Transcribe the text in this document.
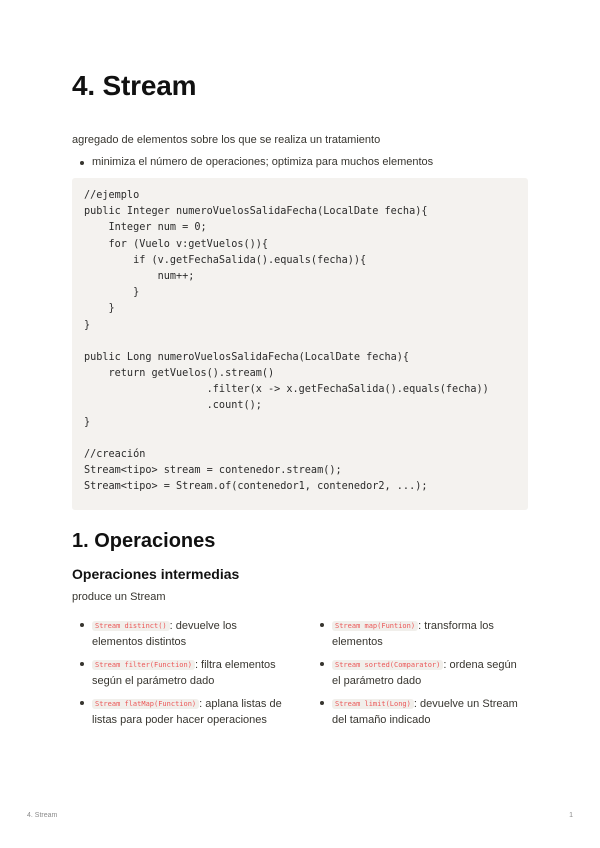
4. Stream
agregado de elementos sobre los que se realiza un tratamiento
minimiza el número de operaciones; optimiza para muchos elementos
//ejemplo
public Integer numeroVuelosSalidaFecha(LocalDate fecha){
Integer num = 0;
for (Vuelo v:getVuelos()){
if (v.getFechaSalida().equals(fecha)){
num++;
}
}
}
public Long numeroVuelosSalidaFecha(LocalDate fecha){
return getVuelos().stream()
.filter(x -> x.getFechaSalida().equals(fecha))
.count();
}
//creación
Stream<tipo> stream = contenedor.stream();
Stream<tipo> = Stream.of(contenedor1, contenedor2, ...);
1. Operaciones
Operaciones intermedias
produce un Stream
Stream distinct() : devuelve los elementos distintos
Stream map(Funtion) : transforma los elementos
Stream filter(Function) : filtra elementos según el parámetro dado
Stream sorted(Comparator) : ordena según el parámetro dado
Stream flatMap(Function) : aplana listas de listas para poder hacer operaciones
Stream limit(Long) : devuelve un Stream del tamaño indicado
4. Stream	1
